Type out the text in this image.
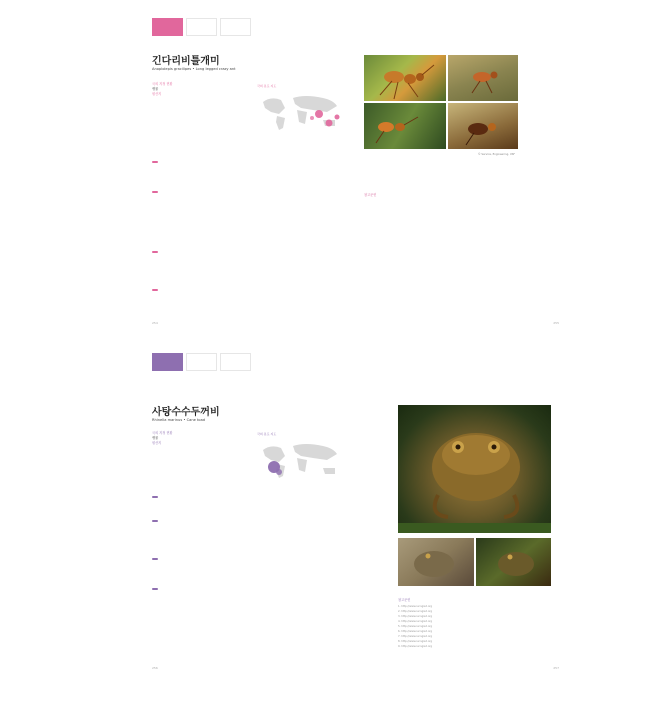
긴다리비틀개미
Anoplolepis gracilipes • Long legged crazy ant
국외 지정 현황
생물
원산지
국외 분포 지도
254
© Service, Engineering, USF
참고문헌
255
사탕수수두꺼비
Rhinella marinus • Cane toad
국외 지정 현황
생물
원산지
국외 분포 지도
256
참고문헌
1. http://www.iucngisd.org
2. http://www.iucngisd.org
3. http://www.iucngisd.org
4. http://www.iucngisd.org
5. http://www.iucngisd.org
6. http://www.iucngisd.org
7. http://www.iucngisd.org
8. http://www.iucngisd.org
9. http://www.iucngisd.org
257
